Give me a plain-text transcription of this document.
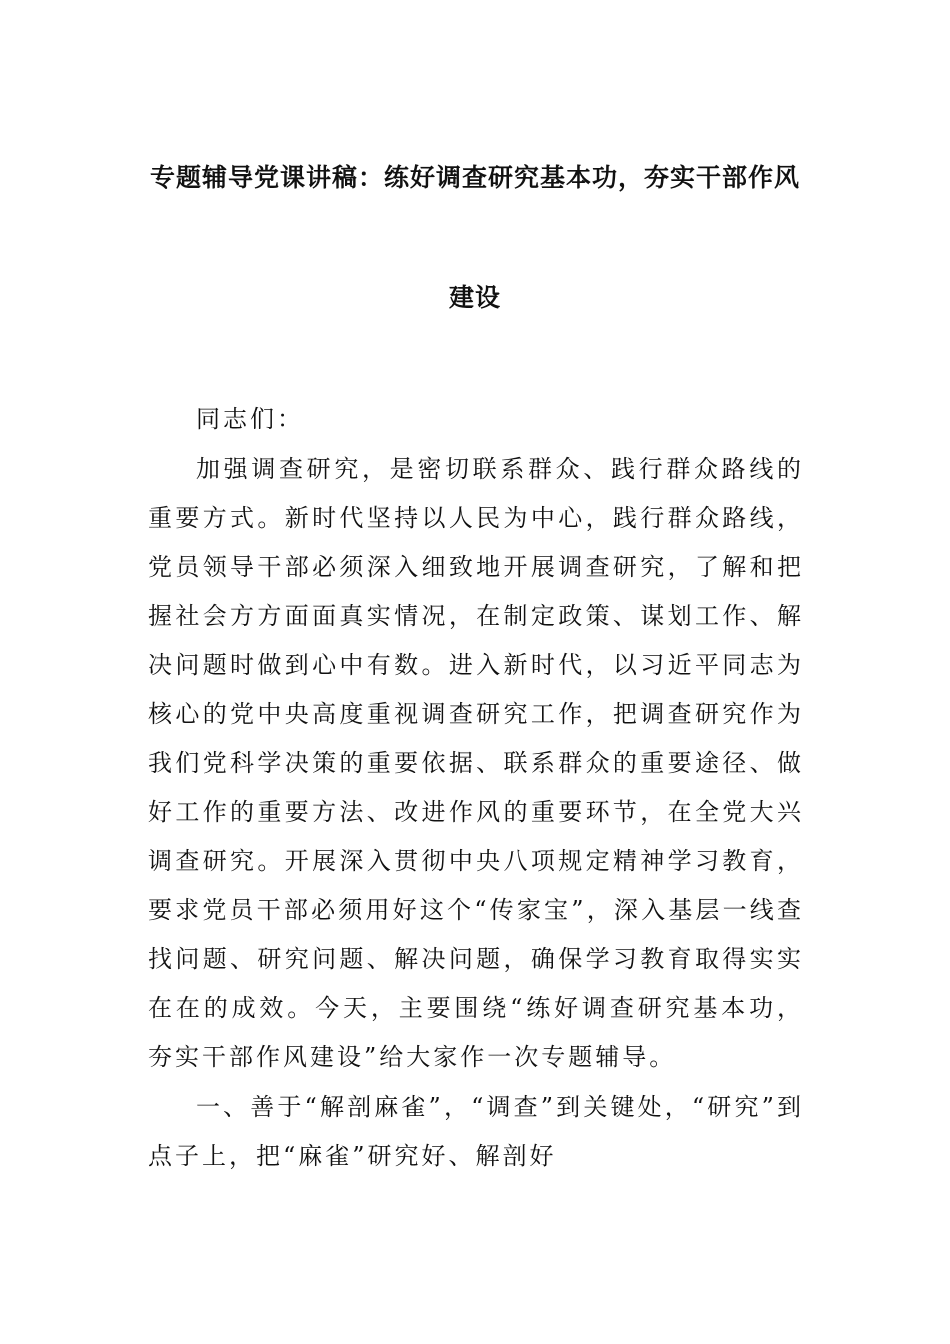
专题辅导党课讲稿：练好调查研究基本功，夯实干部作风
建设

同志们：

加强调查研究，是密切联系群众、践行群众路线的重要方式。新时代坚持以人民为中心，践行群众路线，党员领导干部必须深入细致地开展调查研究，了解和把握社会方方面面真实情况，在制定政策、谋划工作、解决问题时做到心中有数。进入新时代，以习近平同志为核心的党中央高度重视调查研究工作，把调查研究作为我们党科学决策的重要依据、联系群众的重要途径、做好工作的重要方法、改进作风的重要环节，在全党大兴调查研究。开展深入贯彻中央八项规定精神学习教育，要求党员干部必须用好这个“传家宝”，深入基层一线查找问题、研究问题、解决问题，确保学习教育取得实实在在的成效。今天，主要围绕“练好调查研究基本功，夯实干部作风建设”给大家作一次专题辅导。

一、善于“解剖麻雀”，“调查”到关键处，“研究”到点子上，把“麻雀”研究好、解剖好
